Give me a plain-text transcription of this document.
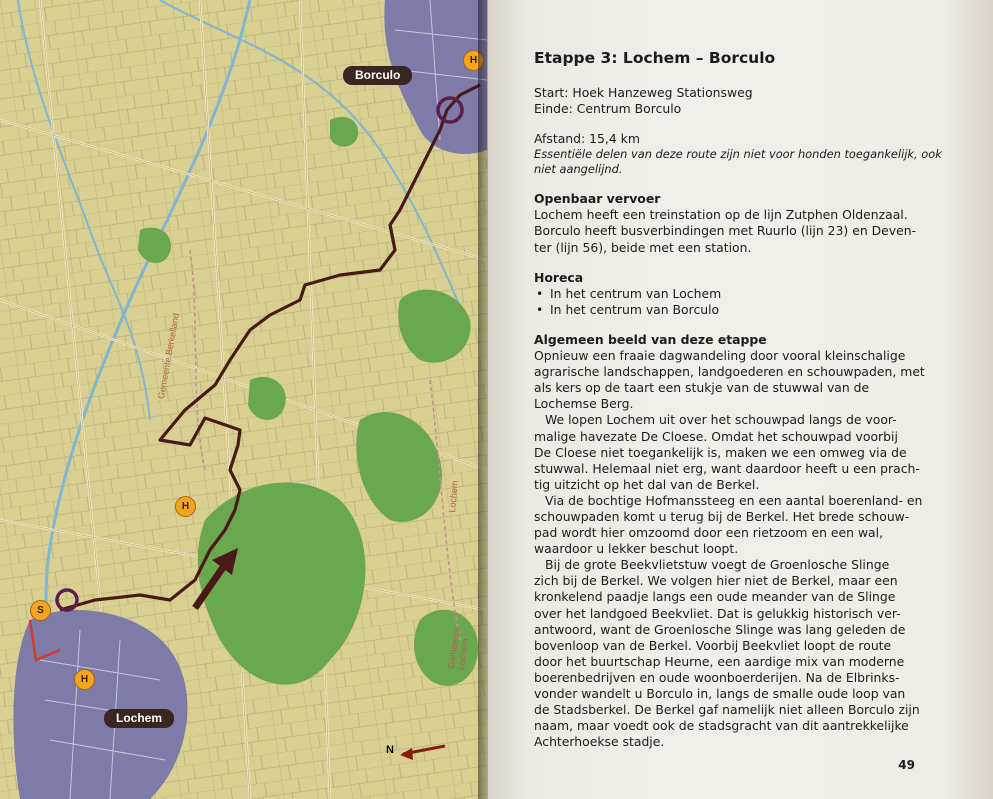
Borculo
Lochem
Gemeente Berkelland
Gemeente Lochem
Lochem
H
H
H
S
N
Etappe 3: Lochem – Borculo
Start: Hoek Hanzeweg Stationsweg
Einde: Centrum Borculo
Afstand: 15,4 km
Essentiële delen van deze route zijn niet voor honden toegankelijk, ook
niet aangelijnd.
Openbaar vervoer
Lochem heeft een treinstation op de lijn Zutphen Oldenzaal.
Borculo heeft busverbindingen met Ruurlo (lijn 23) en Deven-
ter (lijn 56), beide met een station.
Horeca
• In het centrum van Lochem
• In het centrum van Borculo
Algemeen beeld van deze etappe
Opnieuw een fraaie dagwandeling door vooral kleinschalige
agrarische landschappen, landgoederen en schouwpaden, met
als kers op de taart een stukje van de stuwwal van de
Lochemse Berg.
We lopen Lochem uit over het schouwpad langs de voor-
malige havezate De Cloese. Omdat het schouwpad voorbij
De Cloese niet toegankelijk is, maken we een omweg via de
stuwwal. Helemaal niet erg, want daardoor heeft u een prach-
tig uitzicht op het dal van de Berkel.
Via de bochtige Hofmanssteeg en een aantal boerenland- en
schouwpaden komt u terug bij de Berkel. Het brede schouw-
pad wordt hier omzoomd door een rietzoom en een wal,
waardoor u lekker beschut loopt.
Bij de grote Beekvlietstuw voegt de Groenlosche Slinge
zich bij de Berkel. We volgen hier niet de Berkel, maar een
kronkelend paadje langs een oude meander van de Slinge
over het landgoed Beekvliet. Dat is gelukkig historisch ver-
antwoord, want de Groenlosche Slinge was lang geleden de
bovenloop van de Berkel. Voorbij Beekvliet loopt de route
door het buurtschap Heurne, een aardige mix van moderne
boerenbedrijven en oude woonboerderijen. Na de Elbrinks-
vonder wandelt u Borculo in, langs de smalle oude loop van
de Stadsberkel. De Berkel gaf namelijk niet alleen Borculo zijn
naam, maar voedt ook de stadsgracht van dit aantrekkelijke
Achterhoekse stadje.
49
